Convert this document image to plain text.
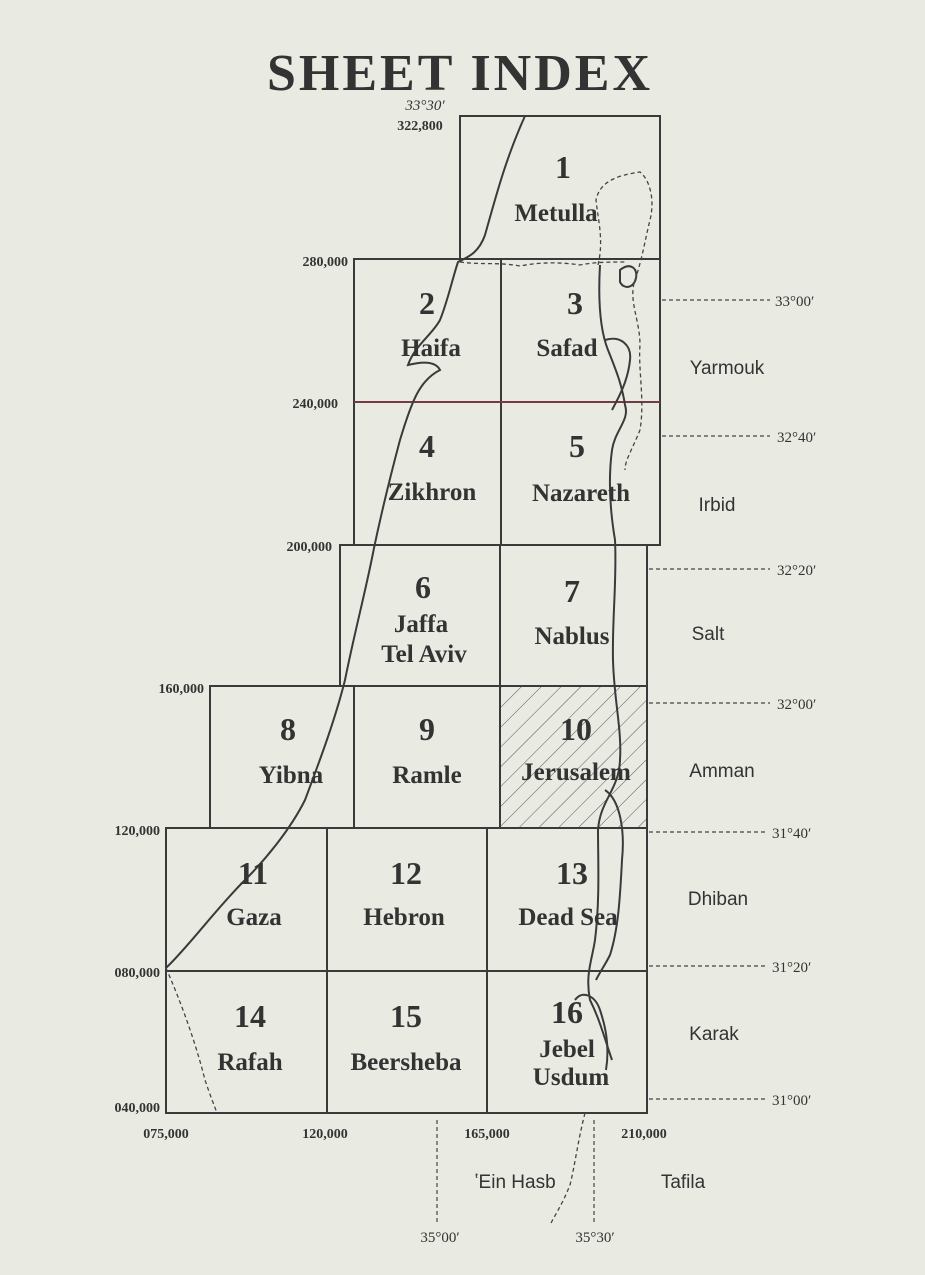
SHEET INDEX
1
Metulla
2
Haifa
3
Safad
4
Zikhron
5
Nazareth
6
Jaffa
Tel Aviv
7
Nablus
8
Yibna
9
Ramle
10
Jerusalem
11
Gaza
12
Hebron
13
Dead Sea
14
Rafah
15
Beersheba
16
Jebel
Usdum
33°30′
322,800
280,000
240,000
200,000
160,000
120,000
080,000
040,000
075,000	120,000	165,000	210,000
33°00′
32°40′
32°20′
32°00′
31°40′
31°20′
31°00′
35°00′	35°30′
Yarmouk
Irbid
Salt
Amman
Dhiban
Karak
Tafila
ʽEin Hasb
